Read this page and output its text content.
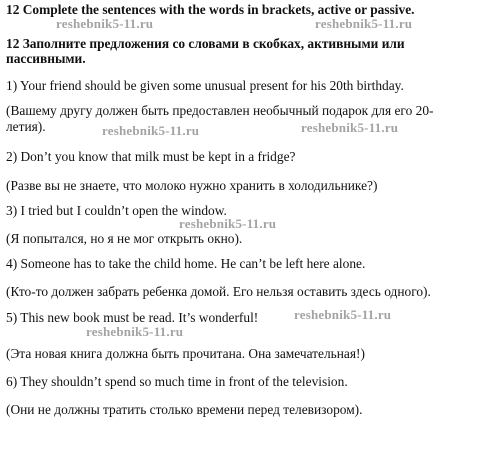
12 Complete the sentences with the words in brackets, active or passive.
12 Заполните предложения со словами в скобках, активными или
пассивными.
1) Your friend should be given some unusual present for his 20th birthday.
(Вашему другу должен быть предоставлен необычный подарок для его 20-
летия).
2) Don’t you know that milk must be kept in a fridge?
(Разве вы не знаете, что молоко нужно хранить в холодильнике?)
3) I tried but I couldn’t open the window.
(Я попытался, но я не мог открыть окно).
4) Someone has to take the child home. He can’t be left here alone.
(Кто-то должен забрать ребенка домой. Его нельзя оставить здесь одного).
5) This new book must be read. It’s wonderful!
(Эта новая книга должна быть прочитана. Она замечательная!)
6) They shouldn’t spend so much time in front of the television.
(Они не должны тратить столько времени перед телевизором).
reshebnik5-11.ru	reshebnik5-11.ru
reshebnik5-11.ru	reshebnik5-11.ru
reshebnik5-11.ru
reshebnik5-11.ru
reshebnik5-11.ru
